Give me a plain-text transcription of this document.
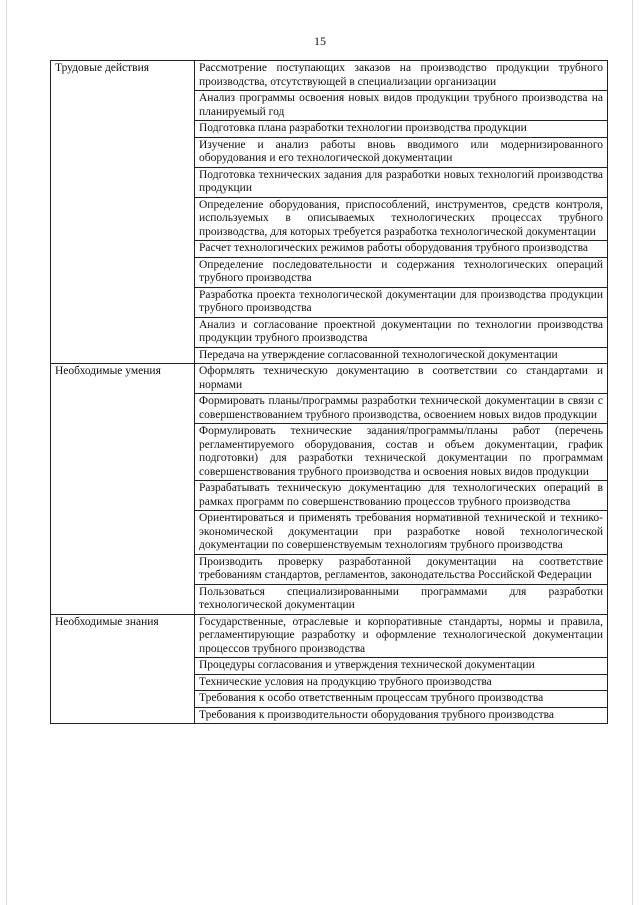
15
Трудовые действия	Рассмотрение поступающих заказов на производство продукции трубного производства, отсутствующей в специализации организации
	Анализ программы освоения новых видов продукции трубного производства на планируемый год
	Подготовка плана разработки технологии производства продукции
	Изучение и анализ работы вновь вводимого или модернизированного оборудования и его технологической документации
	Подготовка технических задания для разработки новых технологий производства продукции
	Определение оборудования, приспособлений, инструментов, средств контроля, используемых в описываемых технологических процессах трубного производства, для которых требуется разработка технологической документации
	Расчет технологических режимов работы оборудования трубного производства
	Определение последовательности и содержания технологических операций трубного производства
	Разработка проекта технологической документации для производства продукции трубного производства
	Анализ и согласование проектной документации по технологии производства продукции трубного производства
	Передача на утверждение согласованной технологической документации
Необходимые умения	Оформлять техническую документацию в соответствии со стандартами и нормами
	Формировать планы/программы разработки технической документации в связи с совершенствованием трубного производства, освоением новых видов продукции
	Формулировать технические задания/программы/планы работ (перечень регламентируемого оборудования, состав и объем документации, график подготовки) для разработки технической документации по программам совершенствования трубного производства и освоения новых видов продукции
	Разрабатывать техническую документацию для технологических операций в рамках программ по совершенствованию процессов трубного производства
	Ориентироваться и применять требования нормативной технической и технико-экономической документации при разработке новой технологической документации по совершенствуемым технологиям трубного производства
	Производить проверку разработанной документации на соответствие требованиям стандартов, регламентов, законодательства Российской Федерации
	Пользоваться специализированными программами для разработки технологической документации
Необходимые знания	Государственные, отраслевые и корпоративные стандарты, нормы и правила, регламентирующие разработку и оформление технологической документации процессов трубного производства
	Процедуры согласования и утверждения технической документации
	Технические условия на продукцию трубного производства
	Требования к особо ответственным процессам трубного производства
	Требования к производительности оборудования трубного производства
